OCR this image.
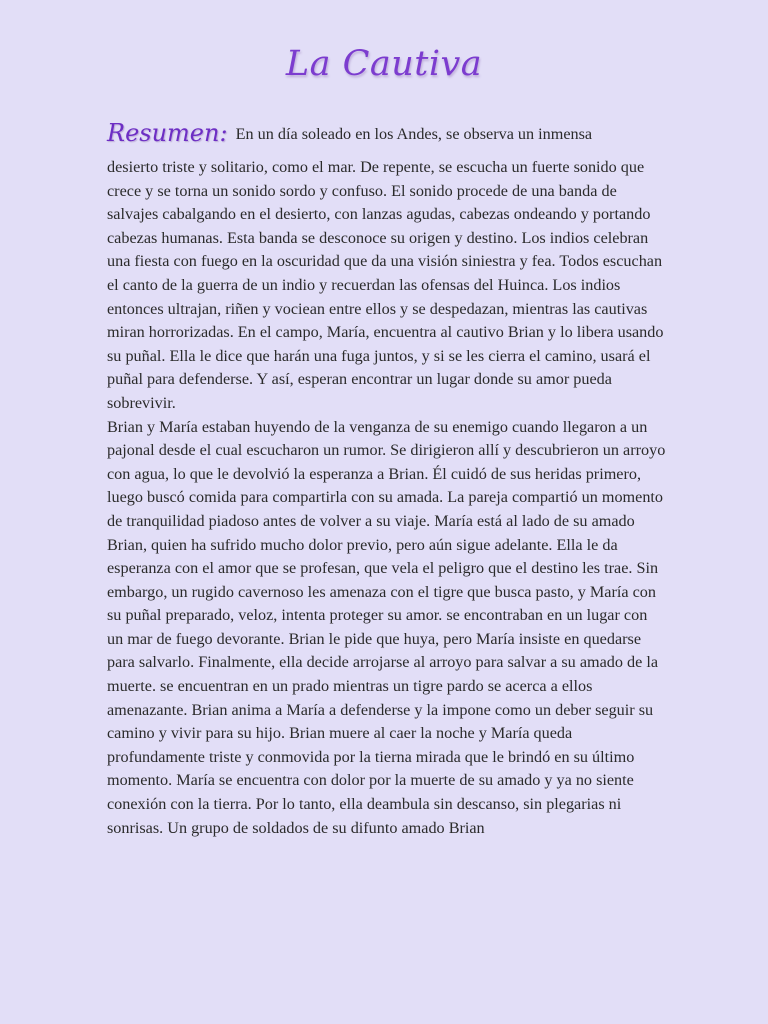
La Cautiva
Resumen: En un día soleado en los Andes, se observa un inmensa
desierto triste y solitario, como el mar. De repente, se escucha un fuerte sonido que crece y se torna un sonido sordo y confuso. El sonido procede de una banda de salvajes cabalgando en el desierto, con lanzas agudas, cabezas ondeando y portando cabezas humanas. Esta banda se desconoce su origen y destino. Los indios celebran una fiesta con fuego en la oscuridad que da una visión siniestra y fea. Todos escuchan el canto de la guerra de un indio y recuerdan las ofensas del Huinca. Los indios entonces ultrajan, riñen y vociean entre ellos y se despedazan, mientras las cautivas miran horrorizadas. En el campo, María, encuentra al cautivo Brian y lo libera usando su puñal. Ella le dice que harán una fuga juntos, y si se les cierra el camino, usará el puñal para defenderse. Y así, esperan encontrar un lugar donde su amor pueda sobrevivir.
Brian y María estaban huyendo de la venganza de su enemigo cuando llegaron a un pajonal desde el cual escucharon un rumor. Se dirigieron allí y descubrieron un arroyo con agua, lo que le devolvió la esperanza a Brian. Él cuidó de sus heridas primero, luego buscó comida para compartirla con su amada. La pareja compartió un momento de tranquilidad piadoso antes de volver a su viaje. María está al lado de su amado Brian, quien ha sufrido mucho dolor previo, pero aún sigue adelante. Ella le da esperanza con el amor que se profesan, que vela el peligro que el destino les trae. Sin embargo, un rugido cavernoso les amenaza con el tigre que busca pasto, y María con su puñal preparado, veloz, intenta proteger su amor. se encontraban en un lugar con un mar de fuego devorante. Brian le pide que huya, pero María insiste en quedarse para salvarlo. Finalmente, ella decide arrojarse al arroyo para salvar a su amado de la muerte. se encuentran en un prado mientras un tigre pardo se acerca a ellos amenazante. Brian anima a María a defenderse y la impone como un deber seguir su camino y vivir para su hijo. Brian muere al caer la noche y María queda profundamente triste y conmovida por la tierna mirada que le brindó en su último momento. María se encuentra con dolor por la muerte de su amado y ya no siente conexión con la tierra. Por lo tanto, ella deambula sin descanso, sin plegarias ni sonrisas. Un grupo de soldados de su difunto amado Brian
